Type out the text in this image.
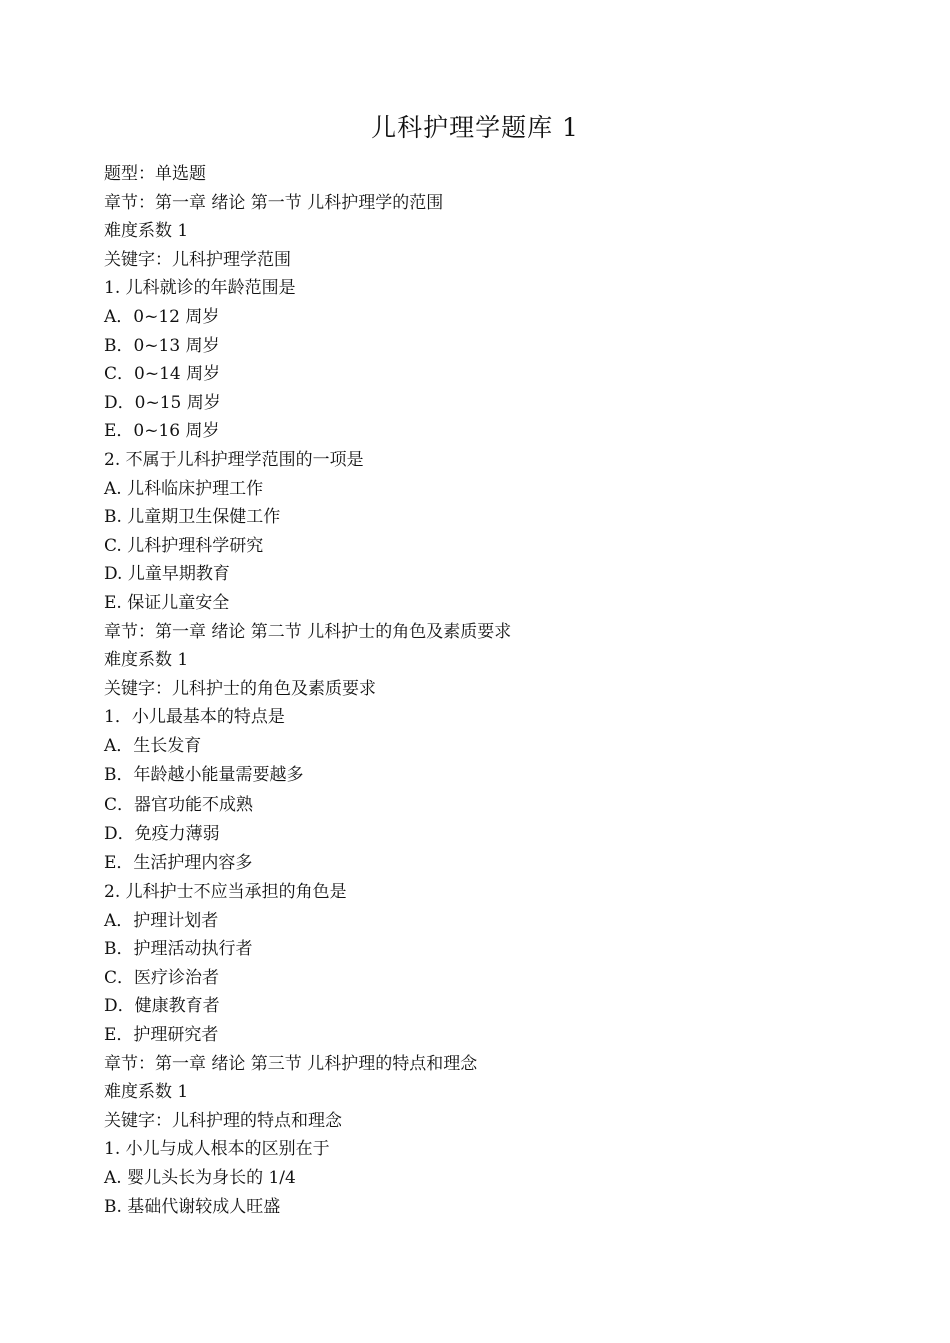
儿科护理学题库 1
题型：单选题
章节：第一章 绪论 第一节 儿科护理学的范围
难度系数 1
关键字：儿科护理学范围
1. 儿科就诊的年龄范围是
A．0~12 周岁
B．0~13 周岁
C．0~14 周岁
D．0~15 周岁
E．0~16 周岁
2. 不属于儿科护理学范围的一项是
A. 儿科临床护理工作
B. 儿童期卫生保健工作
C. 儿科护理科学研究
D. 儿童早期教育
E. 保证儿童安全
章节：第一章 绪论 第二节 儿科护士的角色及素质要求
难度系数 1
关键字：儿科护士的角色及素质要求
1．小儿最基本的特点是
A．生长发育
B．年龄越小能量需要越多
C．器官功能不成熟
D．免疫力薄弱
E．生活护理内容多
2. 儿科护士不应当承担的角色是
A．护理计划者
B．护理活动执行者
C．医疗诊治者
D．健康教育者
E．护理研究者
章节：第一章 绪论 第三节 儿科护理的特点和理念
难度系数 1
关键字：儿科护理的特点和理念
1. 小儿与成人根本的区别在于
A. 婴儿头长为身长的 1/4
B. 基础代谢较成人旺盛
